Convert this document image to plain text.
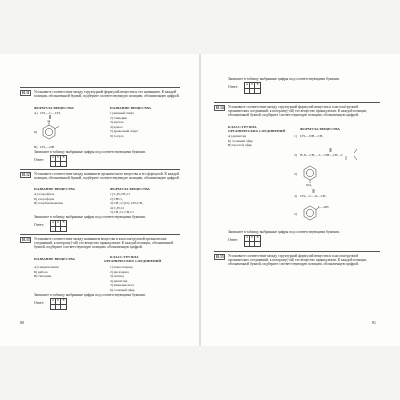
10.11	Установите соответствие между структурной формулой вещества и его названием. К каждой позиции, обозначенной буквой, подберите соответствующую позицию, обозначенную цифрой.
ФОРМУЛА ВЕЩЕСТВА	НАЗВАНИЕ ВЕЩЕСТВА
А) CH₃—C—CH₃
O
Б)
В) CH₃—OH
1) винный спирт
2) глицерин
3) ацетон
4) кумол
5) древесный спирт
6) толуол
Запишите в таблицу выбранные цифры под соответствующими буквами.
Ответ:
А	Б	В
10.12	Установите соответствие между названием органического вещества и его формулой. К каждой позиции, обозначенной буквой, подберите соответствующую позицию, обозначенную цифрой.
НАЗВАНИЕ ВЕЩЕСТВА	ФОРМУЛА ВЕЩЕСТВА
А) хлорофилл
Б) хлороформ
В) хлорбензилкетин
1) C₆H₅CH₂Cl
2) CHCl₃
3) CH₂=C(Cl)–CH=CH₂
4) C₆H₅Cl
5) CH₂Cl–CH₂Cl
Запишите в таблицу выбранные цифры под соответствующими буквами.
Ответ:
А	Б	В
10.13	Установите соответствие между названием вещества и классом/группой органических соединений, к которому(-ой) это вещество принадлежит. К каждой позиции, обозначенной буквой, подберите соответствующую позицию, обозначенную цифрой.
НАЗВАНИЕ ВЕЩЕСТВА	КЛАСС/ГРУППА
ОРГАНИЧЕСКИХ СОЕДИНЕНИЙ
А) глицилаланин
Б) рибоза
В) тиэтерин
1) моносахарид
2) дисахарид
3) пептид
4) дипептид
5) аминокислота
6) сложный эфир
Запишите в таблицу выбранные цифры под соответствующими буквами.
Ответ:
А	Б	В
80
Запишите в таблицу выбранные цифры под соответствующими буквами.
Ответ:
А	Б	В
10.14	Установите соответствие между структурной формулой вещества и классом/группой органических соединений, к которому(-ой) это вещество принадлежит. К каждой позиции, обозначенной буквой, подберите соответствующую позицию, обозначенную цифрой.
КЛАСС/ГРУППА
ОРГАНИЧЕСКИХ СОЕДИНЕНИЙ	ФОРМУЛА ВЕЩЕСТВА
А) дипептид
Б) сложный эфир
В) простой эфир
1) CH₃—NH—CH₃
2) H₂N—CH₂—C—NH—CH—C
3)
NO₂
4) CH₃—C—O—CH₃
5)
C—OH
Запишите в таблицу выбранные цифры под соответствующими буквами.
Ответ:
А	Б	В
10.15	Установите соответствие между структурной формулой вещества и классом/группой органических соединений, к которому(-ой) это вещество принадлежит. К каждой позиции, обозначенной буквой, подберите соответствующую позицию, обозначенную цифрой.
81
